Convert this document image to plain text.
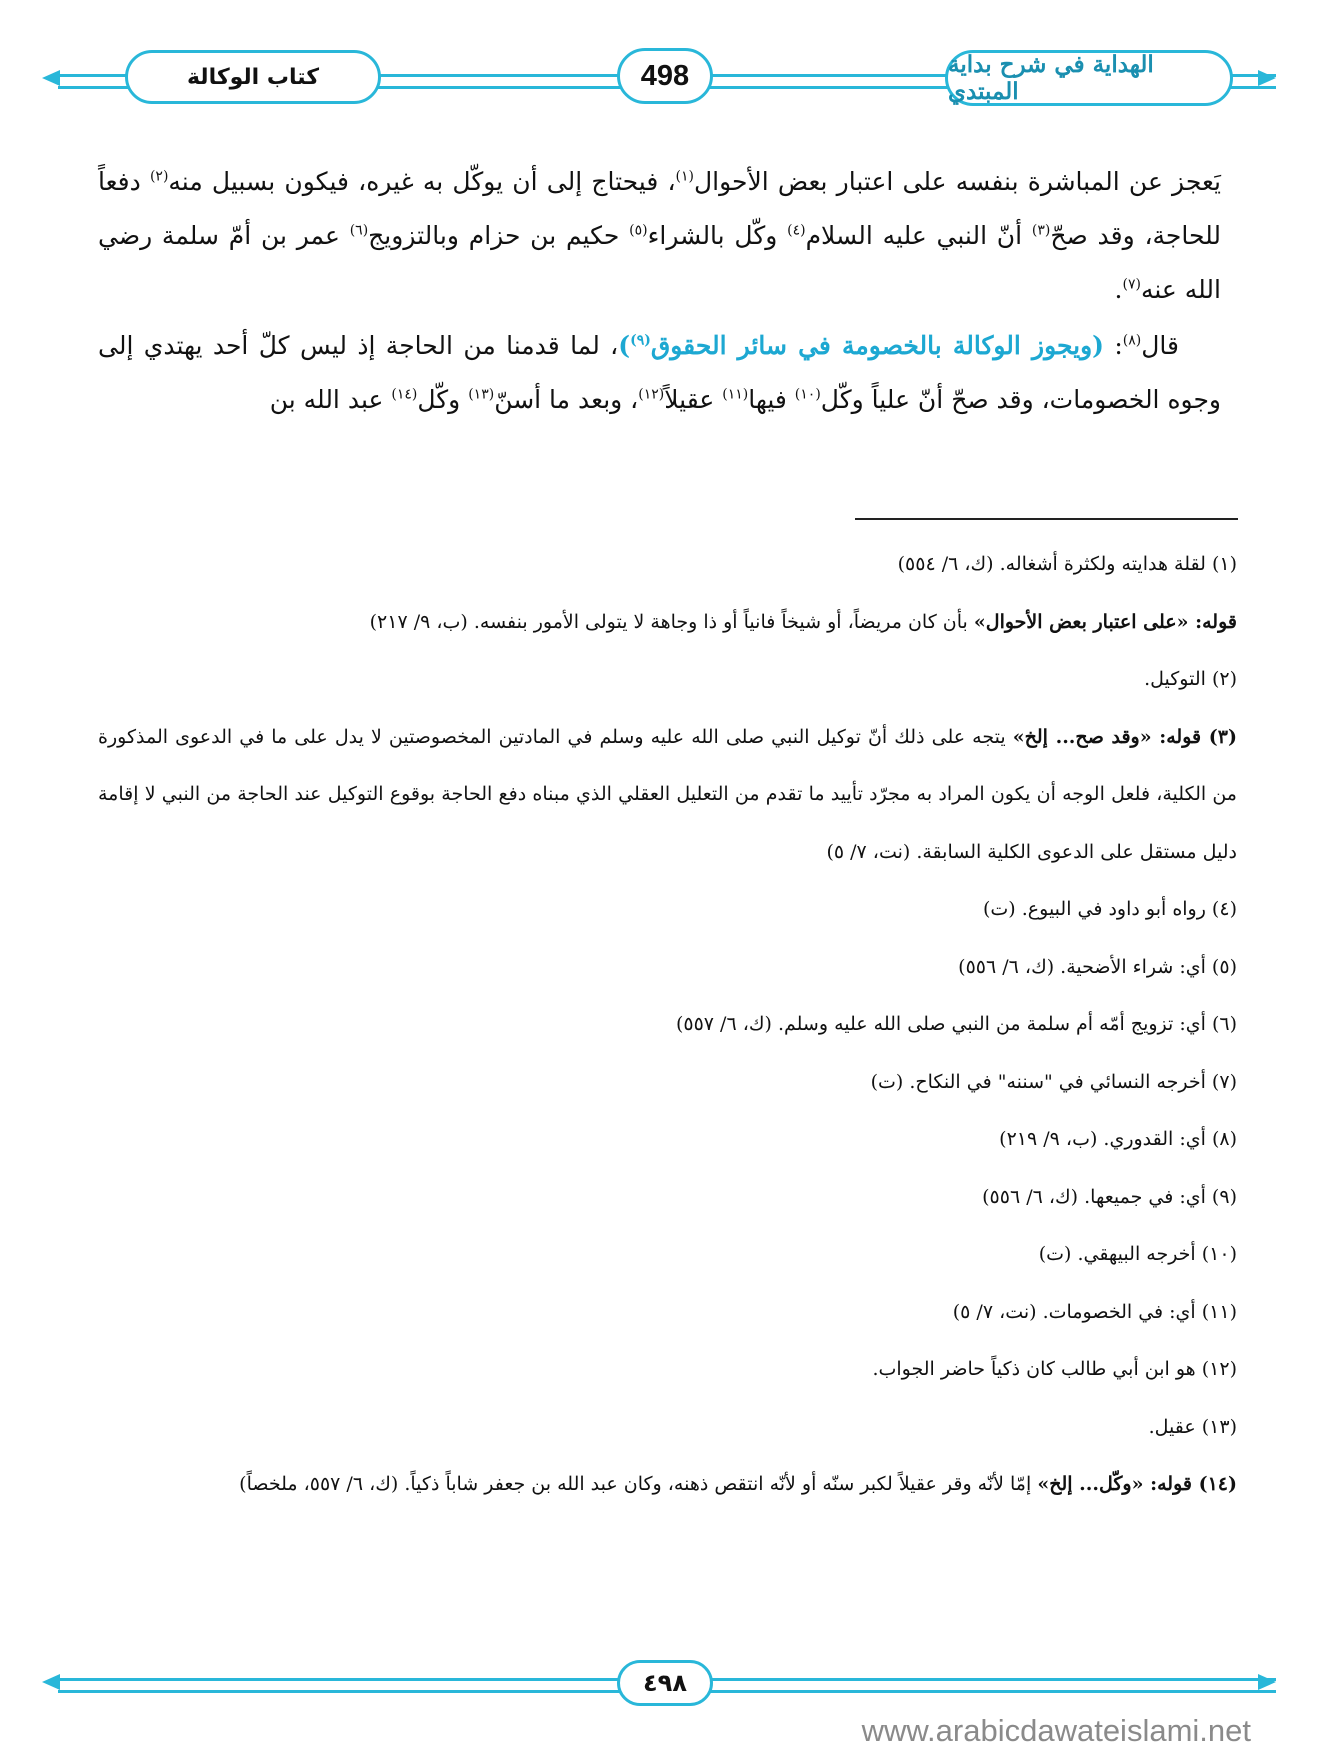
كتاب الوكالة	498	الهداية في شرح بداية المبتدي

يَعجز عن المباشرة بنفسه على اعتبار بعض الأحوال$^{(١)}$، فيحتاج إلى أن يوكّل به غيره، فيكون بسبيل منه$^{(٢)}$ دفعاً للحاجة، وقد صحّ$^{(٣)}$ أنّ النبي عليه السلام$^{(٤)}$ وكّل بالشراء$^{(٥)}$ حكيم بن حزام وبالتزويج$^{(٦)}$ عمر بن أمّ سلمة رضي الله عنه$^{(٧)}$.

قال$^{(٨)}$: (ويجوز الوكالة بالخصومة في سائر الحقوق$^{(٩)}$)، لما قدمنا من الحاجة إذ ليس كلّ أحد يهتدي إلى وجوه الخصومات، وقد صحّ أنّ علياً وكّل$^{(١٠)}$ فيها$^{(١١)}$ عقيلاً$^{(١٢)}$، وبعد ما أسنّ$^{(١٣)}$ وكّل$^{(١٤)}$ عبد الله بن

(١) لقلة هدايته ولكثرة أشغاله. (ك، ٦/ ٥٥٤)
قوله: «على اعتبار بعض الأحوال» بأن كان مريضاً، أو شيخاً فانياً أو ذا وجاهة لا يتولى الأمور بنفسه. (ب، ٩/ ٢١٧)
(٢) التوكيل.
(٣) قوله: «وقد صح... إلخ» يتجه على ذلك أنّ توكيل النبي صلى الله عليه وسلم في المادتين المخصوصتين لا يدل على ما في الدعوى المذكورة من الكلية، فلعل الوجه أن يكون المراد به مجرّد تأييد ما تقدم من التعليل العقلي الذي مبناه دفع الحاجة بوقوع التوكيل عند الحاجة من النبي لا إقامة دليل مستقل على الدعوى الكلية السابقة. (نت، ٧/ ٥)
(٤) رواه أبو داود في البيوع. (ت)
(٥) أي: شراء الأضحية. (ك، ٦/ ٥٥٦)
(٦) أي: تزويج أمّه أم سلمة من النبي صلى الله عليه وسلم. (ك، ٦/ ٥٥٧)
(٧) أخرجه النسائي في "سننه" في النكاح. (ت)
(٨) أي: القدوري. (ب، ٩/ ٢١٩)
(٩) أي: في جميعها. (ك، ٦/ ٥٥٦)
(١٠) أخرجه البيهقي. (ت)
(١١) أي: في الخصومات. (نت، ٧/ ٥)
(١٢) هو ابن أبي طالب كان ذكياً حاضر الجواب.
(١٣) عقيل.
(١٤) قوله: «وكّل... إلخ» إمّا لأنّه وقر عقيلاً لكبر سنّه أو لأنّه انتقص ذهنه، وكان عبد الله بن جعفر شاباً ذكياً. (ك، ٦/ ٥٥٧، ملخصاً)
٤٩٨
www.arabicdawateislami.net
